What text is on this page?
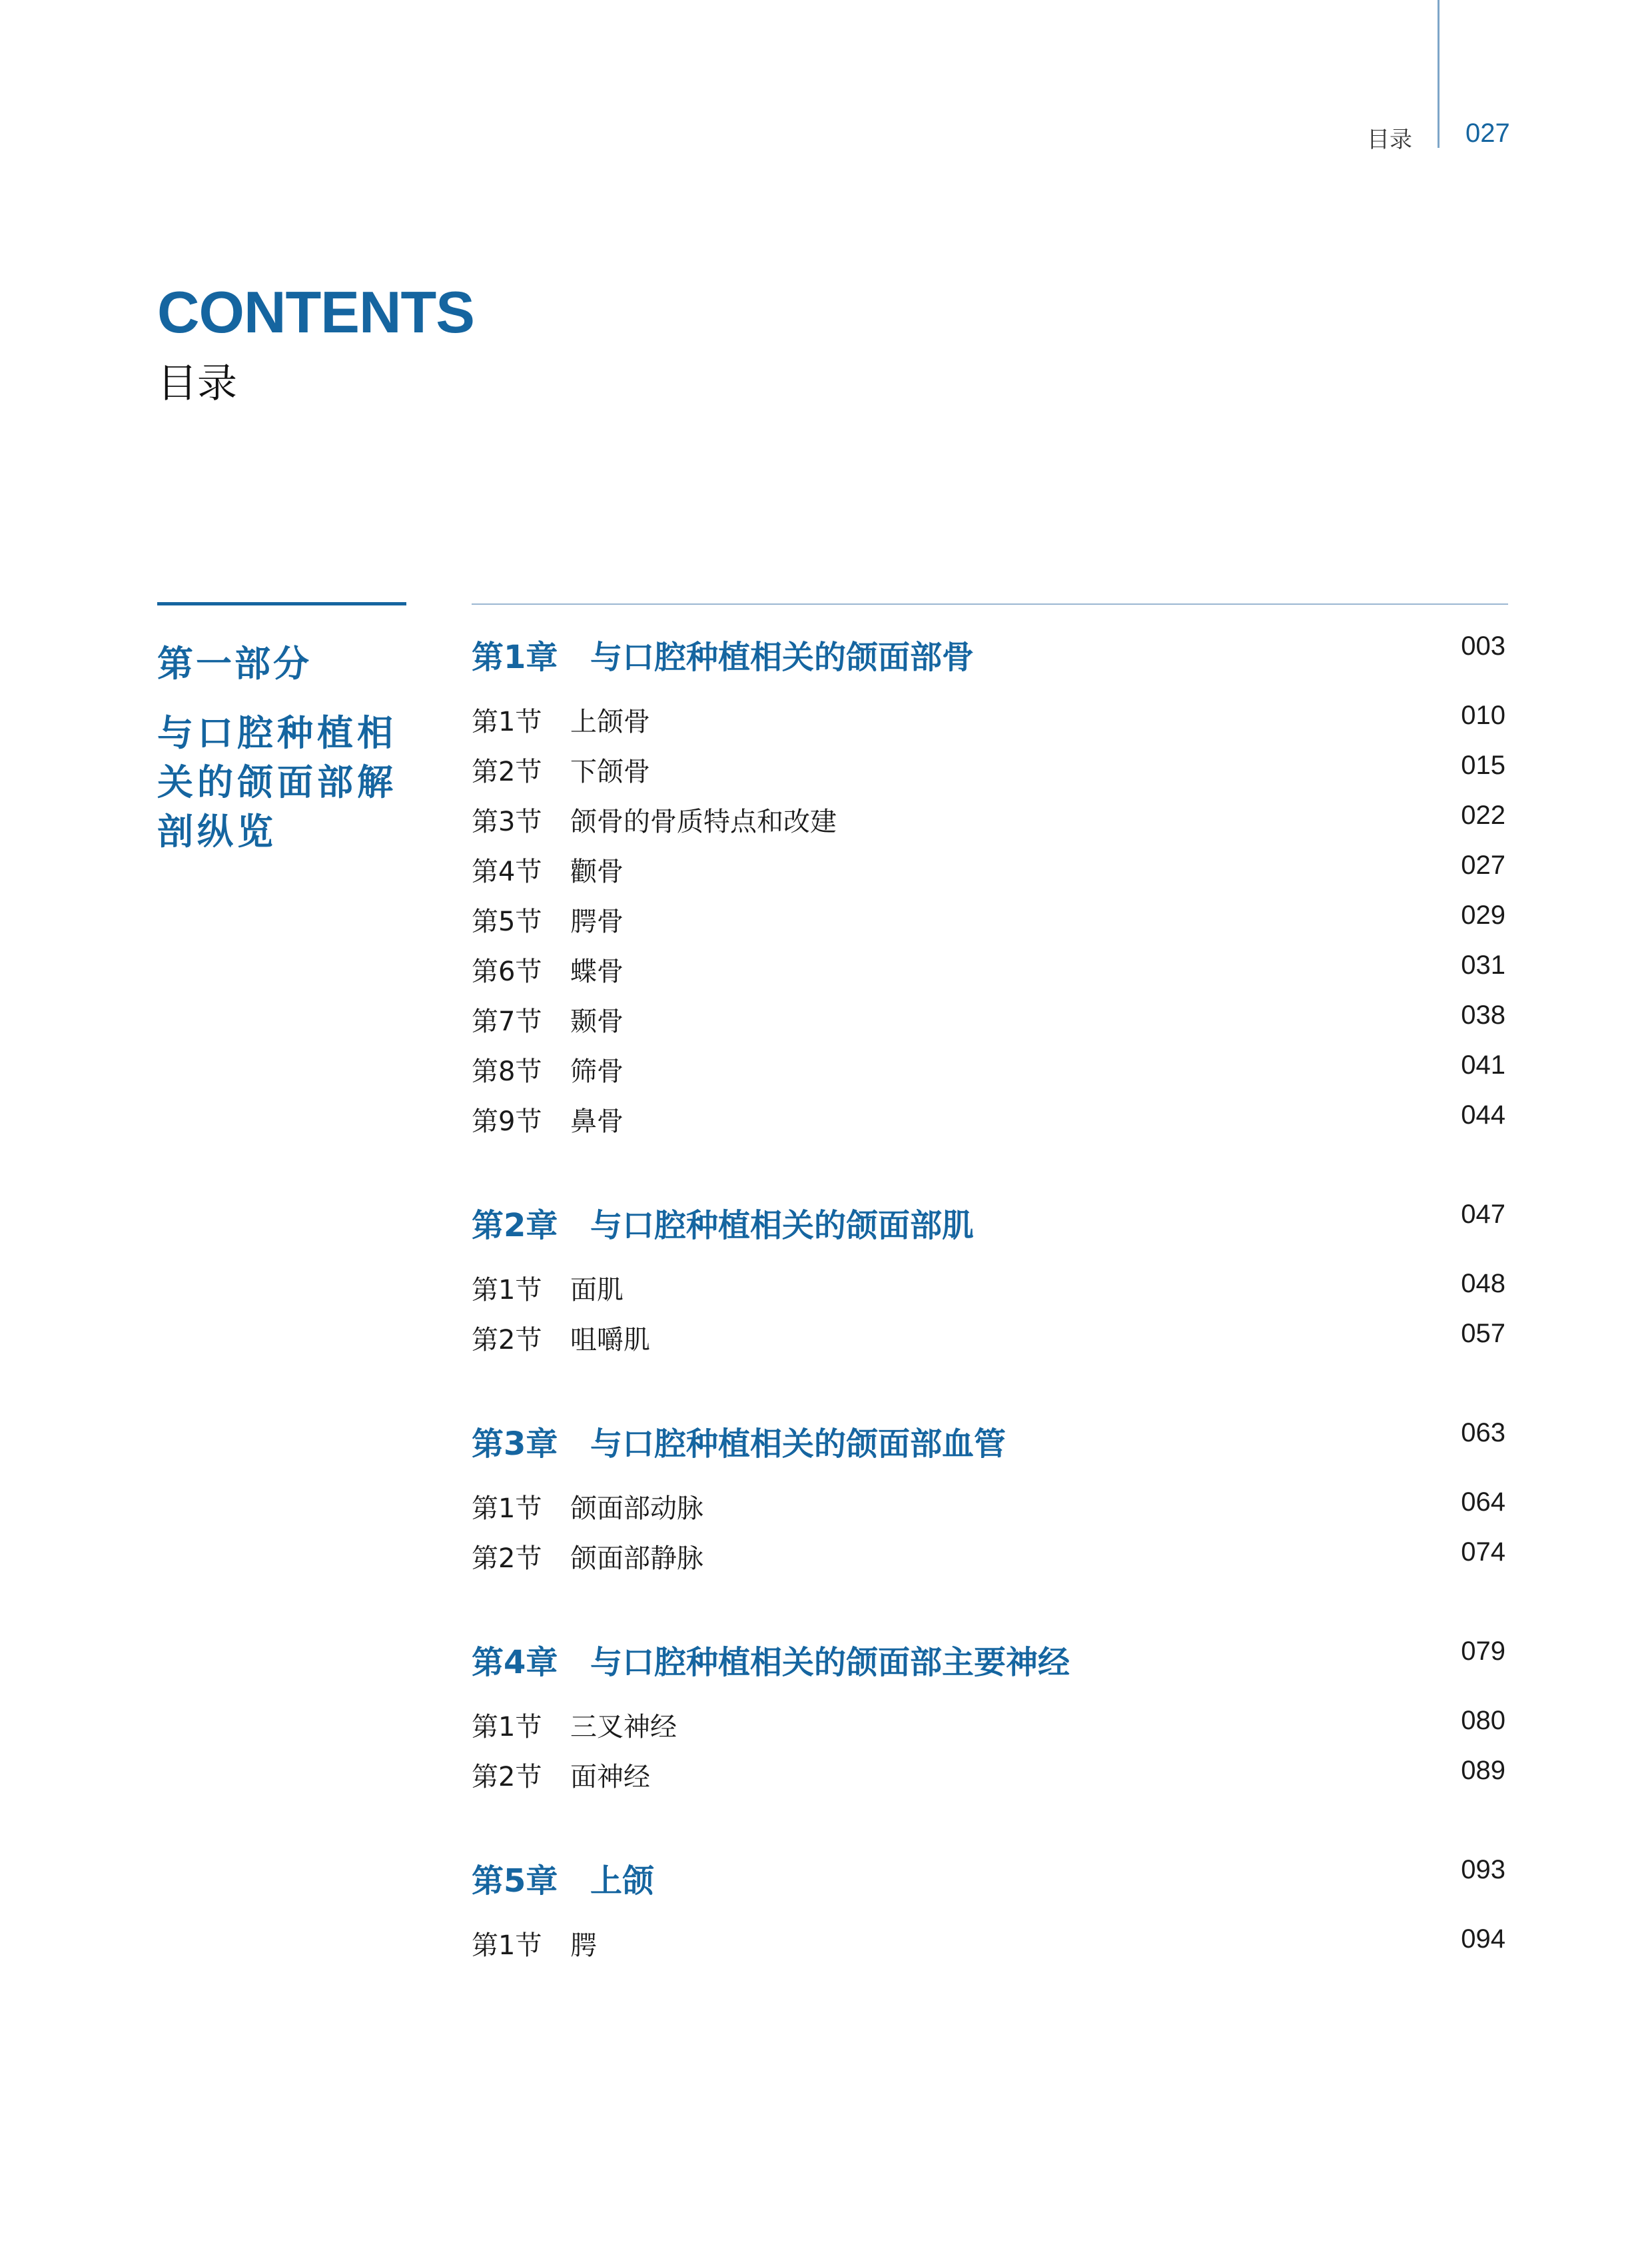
目录 027
CONTENTS
目录
第一部分
与口腔种植相关的颌面部解剖纵览
第1章	与口腔种植相关的颌面部骨	003
第1节	上颌骨	010
第2节	下颌骨	015
第3节	颌骨的骨质特点和改建	022
第4节	颧骨	027
第5节	腭骨	029
第6节	蝶骨	031
第7节	颞骨	038
第8节	筛骨	041
第9节	鼻骨	044
第2章	与口腔种植相关的颌面部肌	047
第1节	面肌	048
第2节	咀嚼肌	057
第3章	与口腔种植相关的颌面部血管	063
第1节	颌面部动脉	064
第2节	颌面部静脉	074
第4章	与口腔种植相关的颌面部主要神经	079
第1节	三叉神经	080
第2节	面神经	089
第5章	上颌	093
第1节	腭	094
